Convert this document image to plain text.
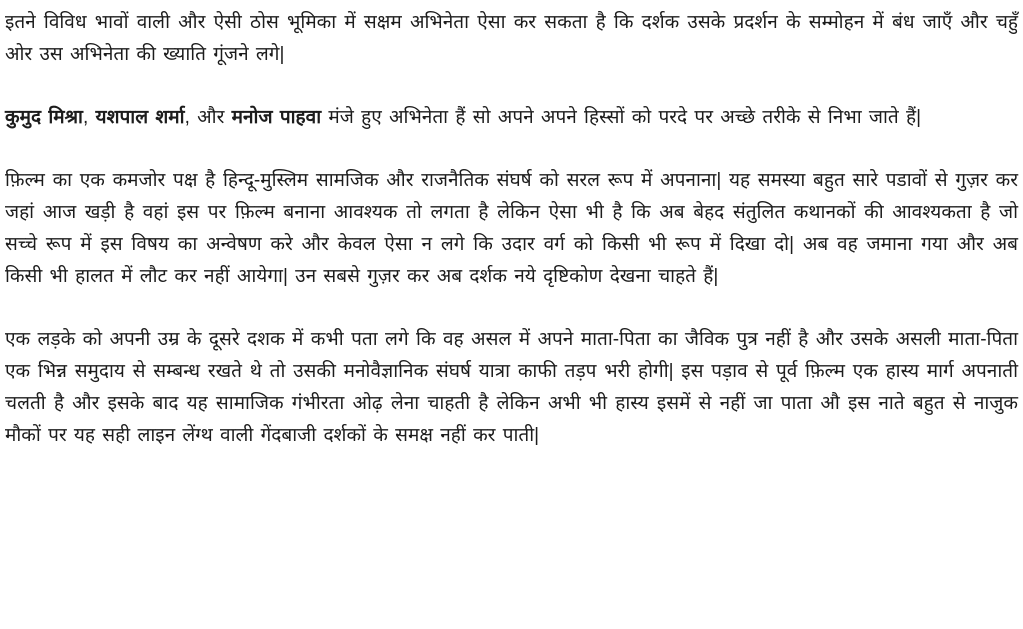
इतने विविध भावों वाली और ऐसी ठोस भूमिका में सक्षम अभिनेता ऐसा कर सकता है कि दर्शक उसके प्रदर्शन के सम्मोहन में बंध जाएँ और चहुँ ओर उस अभिनेता की ख्याति गूंजने लगे|

कुमुद मिश्रा, यशपाल शर्मा, और मनोज पाहवा मंजे हुए अभिनेता हैं सो अपने अपने हिस्सों को परदे पर अच्छे तरीके से निभा जाते हैं|

फ़िल्म का एक कमजोर पक्ष है हिन्दू-मुस्लिम सामजिक और राजनैतिक संघर्ष को सरल रूप में अपनाना| यह समस्या बहुत सारे पडावों से गुज़र कर जहां आज खड़ी है वहां इस पर फ़िल्म बनाना आवश्यक तो लगता है लेकिन ऐसा भी है कि अब बेहद संतुलित कथानकों की आवश्यकता है जो सच्चे रूप में इस विषय का अन्वेषण करे और केवल ऐसा न लगे कि उदार वर्ग को किसी भी रूप में दिखा दो| अब वह जमाना गया और अब किसी भी हालत में लौट कर नहीं आयेगा| उन सबसे गुज़र कर अब दर्शक नये दृष्टिकोण देखना चाहते हैं|

एक लड़के को अपनी उम्र के दूसरे दशक में कभी पता लगे कि वह असल में अपने माता-पिता का जैविक पुत्र नहीं है और उसके असली माता-पिता एक भिन्न समुदाय से सम्बन्ध रखते थे तो उसकी मनोवैज्ञानिक संघर्ष यात्रा काफी तड़प भरी होगी| इस पड़ाव से पूर्व फ़िल्म एक हास्य मार्ग अपनाती चलती है और इसके बाद यह सामाजिक गंभीरता ओढ़ लेना चाहती है लेकिन अभी भी हास्य इसमें से नहीं जा पाता औ इस नाते बहुत से नाजुक मौकों पर यह सही लाइन लेंग्थ वाली गेंदबाजी दर्शकों के समक्ष नहीं कर पाती|
